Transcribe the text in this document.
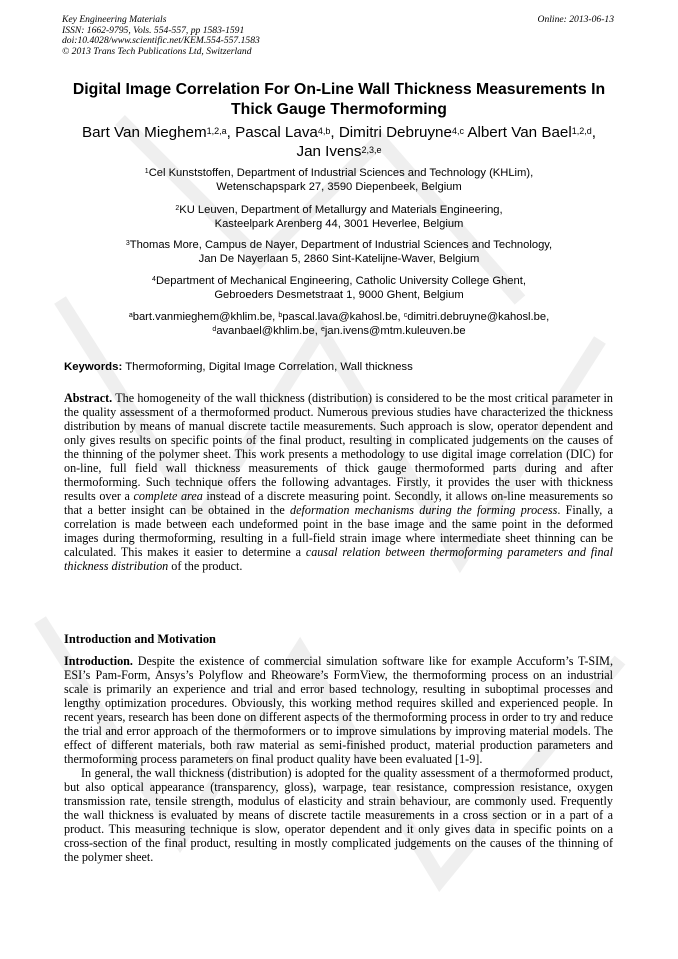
Key Engineering Materials
ISSN: 1662-9795, Vols. 554-557, pp 1583-1591
doi:10.4028/www.scientific.net/KEM.554-557.1583
© 2013 Trans Tech Publications Ltd, Switzerland
Online: 2013-06-13
Digital Image Correlation For On-Line Wall Thickness Measurements In
Thick Gauge Thermoforming
Bart Van Mieghem$^{1,2,a}$, Pascal Lava$^{4,b}$, Dimitri Debruyne$^{4,c}$ Albert Van Bael$^{1,2,d}$,
Jan Ivens$^{2,3,e}$
$^1$Cel Kunststoffen, Department of Industrial Sciences and Technology (KHLim),
Wetenschapspark 27, 3590 Diepenbeek, Belgium
$^2$KU Leuven, Department of Metallurgy and Materials Engineering,
Kasteelpark Arenberg 44, 3001 Heverlee, Belgium
$^3$Thomas More, Campus de Nayer, Department of Industrial Sciences and Technology,
Jan De Nayerlaan 5, 2860 Sint-Katelijne-Waver, Belgium
$^4$Department of Mechanical Engineering, Catholic University College Ghent,
Gebroeders Desmetstraat 1, 9000 Ghent, Belgium
$^a$bart.vanmieghem@khlim.be, $^b$pascal.lava@kahosl.be, $^c$dimitri.debruyne@kahosl.be,
$^d$avanbael@khlim.be, $^e$jan.ivens@mtm.kuleuven.be
Keywords: Thermoforming, Digital Image Correlation, Wall thickness
Abstract. The homogeneity of the wall thickness (distribution) is considered to be the most critical parameter in the quality assessment of a thermoformed product. Numerous previous studies have characterized the thickness distribution by means of manual discrete tactile measurements. Such approach is slow, operator dependent and only gives results on specific points of the final product, resulting in complicated judgements on the causes of the thinning of the polymer sheet. This work presents a methodology to use digital image correlation (DIC) for on-line, full field wall thickness measurements of thick gauge thermoformed parts during and after thermoforming. Such technique offers the following advantages. Firstly, it provides the user with thickness results over a complete area instead of a discrete measuring point. Secondly, it allows on-line measurements so that a better insight can be obtained in the deformation mechanisms during the forming process. Finally, a correlation is made between each undeformed point in the base image and the same point in the deformed images during thermoforming, resulting in a full-field strain image where intermediate sheet thinning can be calculated. This makes it easier to determine a causal relation between thermoforming parameters and final thickness distribution of the product.
Introduction and Motivation
Introduction. Despite the existence of commercial simulation software like for example Accuform’s T-SIM, ESI’s Pam-Form, Ansys’s Polyflow and Rheoware’s FormView, the thermoforming process on an industrial scale is primarily an experience and trial and error based technology, resulting in suboptimal processes and lengthy optimization procedures. Obviously, this working method requires skilled and experienced people. In recent years, research has been done on different aspects of the thermoforming process in order to try and reduce the trial and error approach of the thermoformers or to improve simulations by improving material models. The effect of different materials, both raw material as semi-finished product, material production parameters and thermoforming process parameters on final product quality have been evaluated [1-9].
In general, the wall thickness (distribution) is adopted for the quality assessment of a thermoformed product, but also optical appearance (transparency, gloss), warpage, tear resistance, compression resistance, oxygen transmission rate, tensile strength, modulus of elasticity and strain behaviour, are commonly used. Frequently the wall thickness is evaluated by means of discrete tactile measurements in a cross section or in a part of a product. This measuring technique is slow, operator dependent and it only gives data in specific points on a cross-section of the final product, resulting in mostly complicated judgements on the causes of the thinning of the polymer sheet.
